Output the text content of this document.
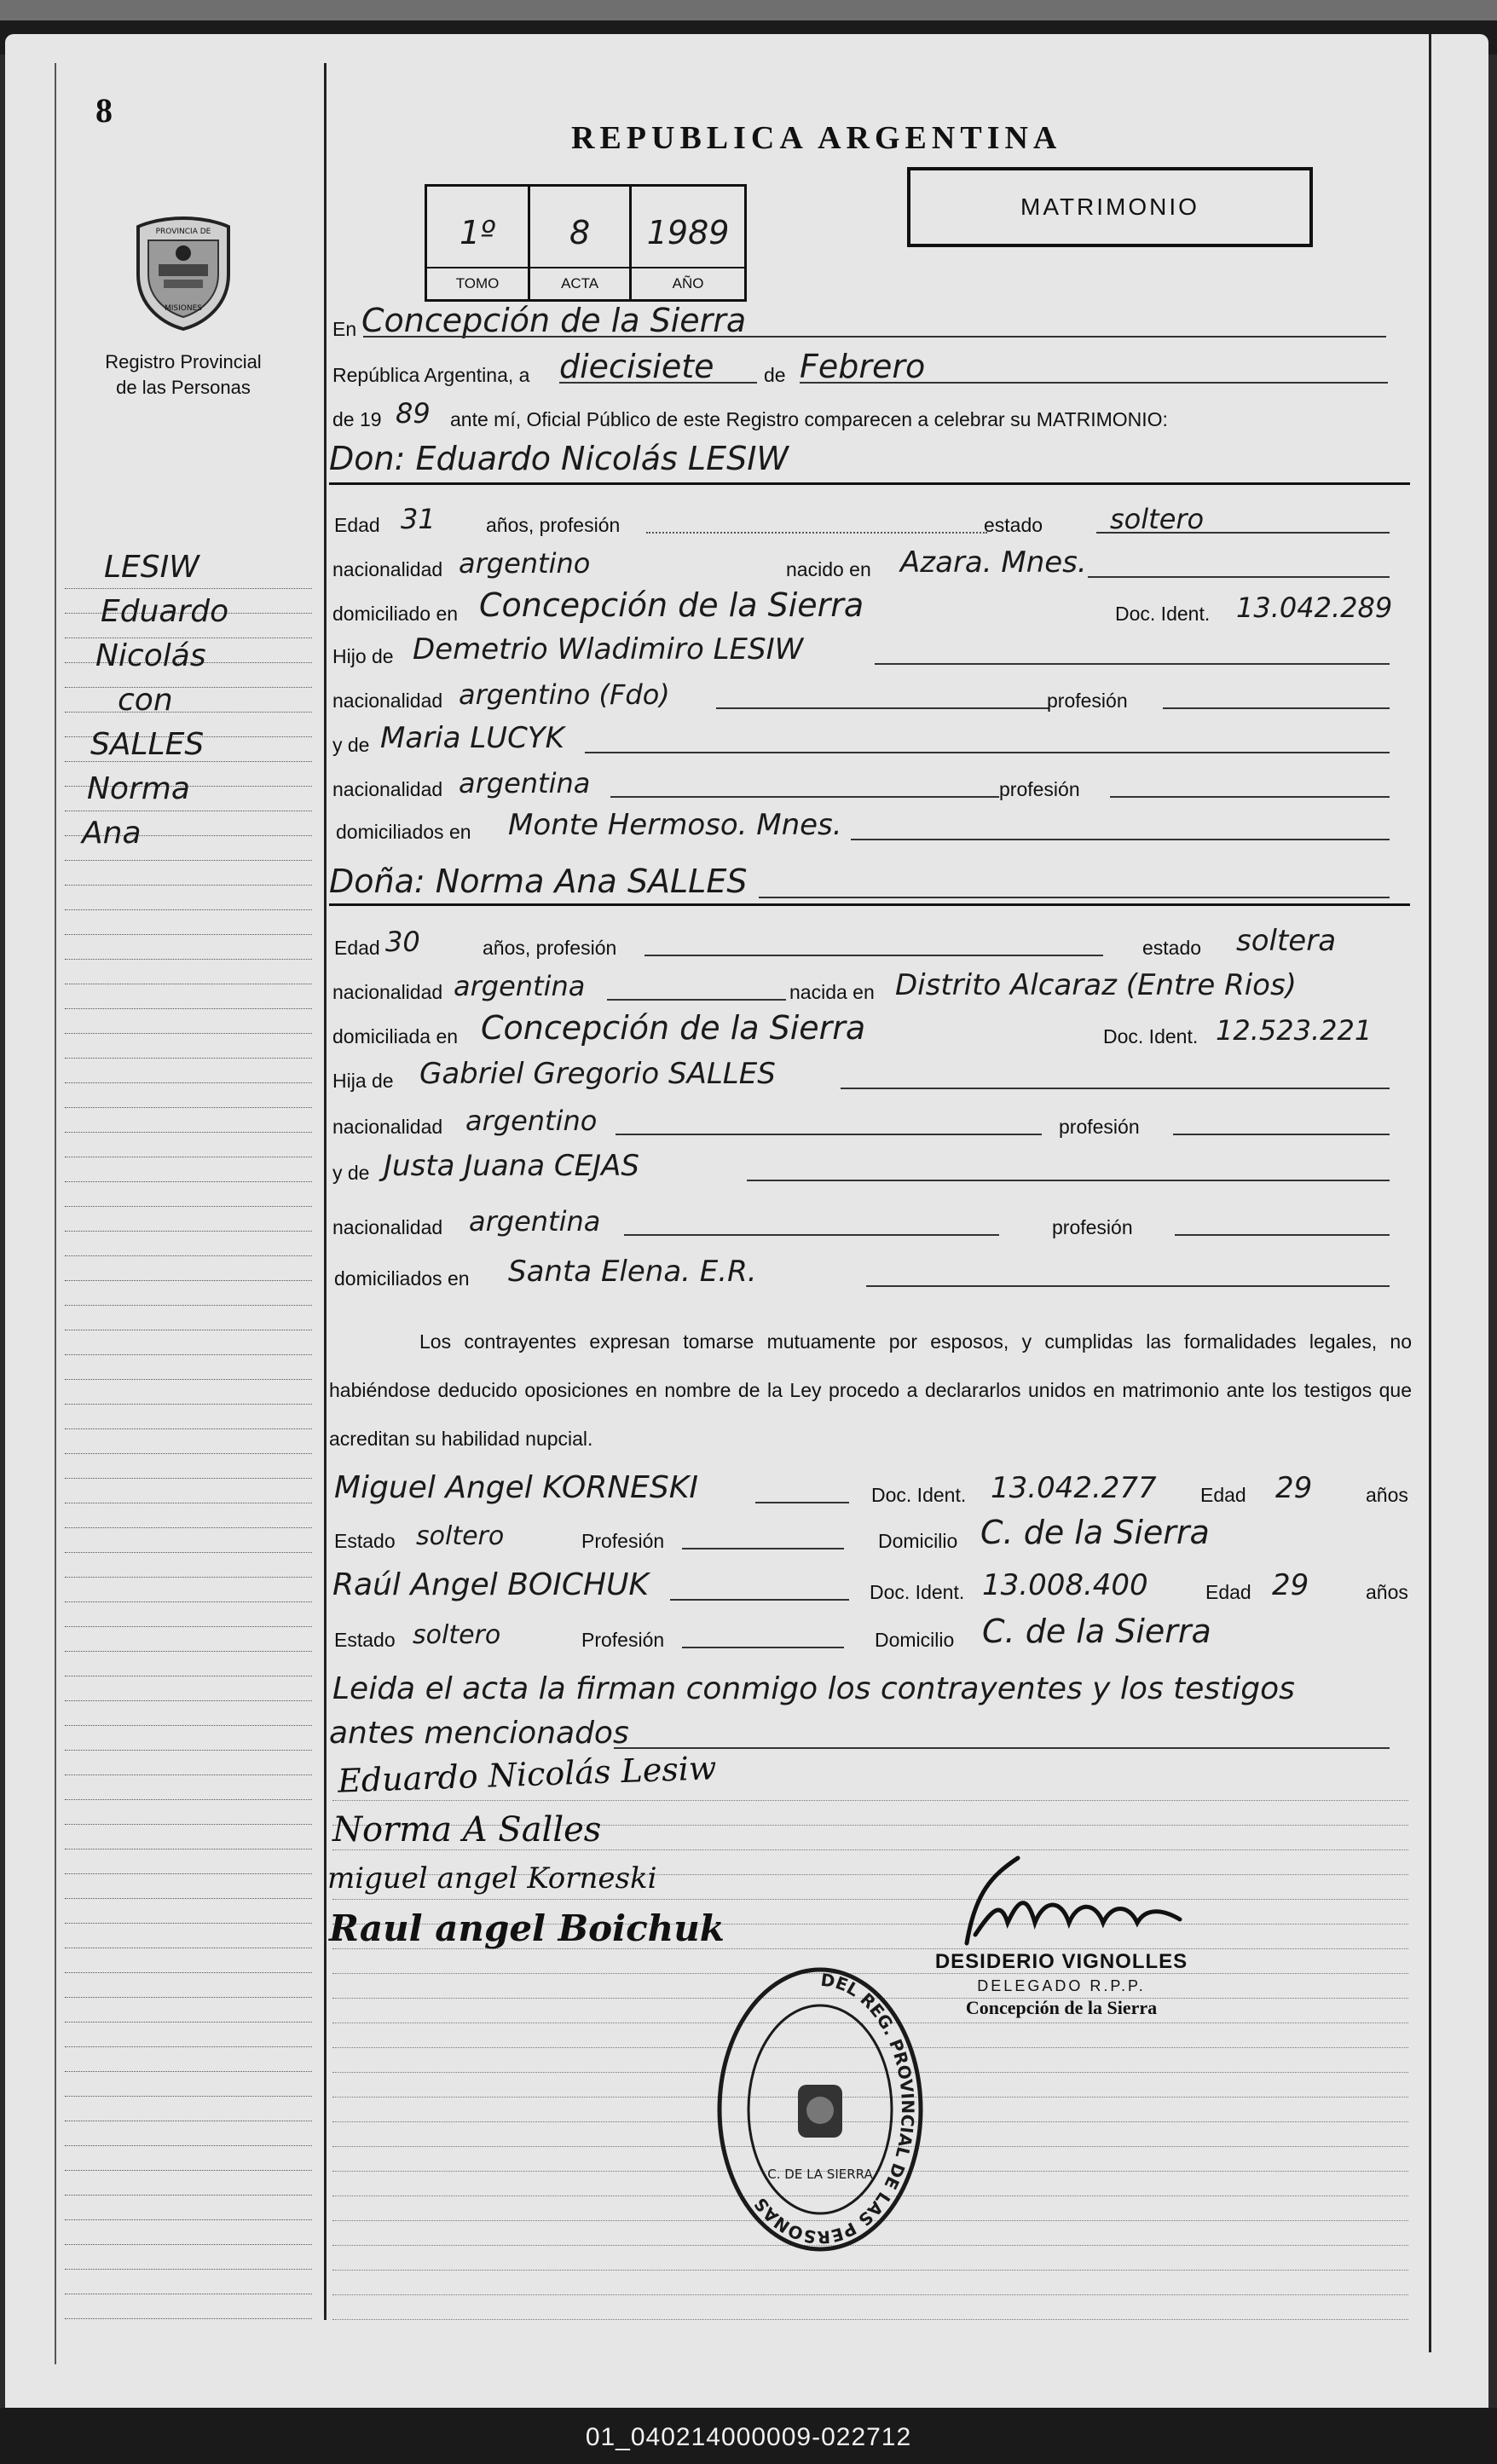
8
PROVINCIA DE
MISIONES
Registro Provincial
de las Personas
LESIW
Eduardo
Nicolás
con
SALLES
Norma
Ana
REPUBLICA ARGENTINA
MATRIMONIO
1º
TOMO
8
ACTA
1989
AÑO
En Concepción de la Sierra
República Argentina, a diecisiete	de Febrero
de 19 89 ante mí, Oficial Público de este Registro comparecen a celebrar su MATRIMONIO:
Don: Eduardo Nicolás LESIW
Edad 31	años, profesión	estado soltero
nacionalidad argentino	nacido en Azara. Mnes.
domiciliado en Concepción de la Sierra	Doc. Ident. 13.042.289
Hijo de Demetrio Wladimiro LESIW
nacionalidad argentino (Fdo)	profesión
y de Maria LUCYK
nacionalidad argentina	profesión
domiciliados en Monte Hermoso. Mnes.
Doña: Norma Ana SALLES
Edad 30	años, profesión	estado soltera
nacionalidad argentina	nacida en Distrito Alcaraz (Entre Rios)
domiciliada en Concepción de la Sierra	Doc. Ident. 12.523.221
Hija de Gabriel Gregorio SALLES
nacionalidad argentino	profesión
y de Justa Juana CEJAS
nacionalidad argentina	profesión
domiciliados en Santa Elena. E.R.
Los contrayentes expresan tomarse mutuamente por esposos, y cumplidas las formalidades legales, no habiéndose deducido oposiciones en nombre de la Ley procedo a declararlos unidos en matrimonio ante los testigos que acreditan su habilidad nupcial.
Miguel Angel KORNESKI	Doc. Ident. 13.042.277 Edad 29	años
Estado soltero	Profesión	Domicilio C. de la Sierra
Raúl Angel BOICHUK	Doc. Ident. 13.008.400	Edad 29	años
Estado soltero	Profesión	Domicilio C. de la Sierra
Leida el acta la firman conmigo los contrayentes y los testigos
antes mencionados
Eduardo Nicolás Lesiw
Norma A Salles
miguel angel Korneski
Raul angel Boichuk
DESIDERIO VIGNOLLES
DELEGADO R.P.P.
Concepción de la Sierra
DEL REG. PROVINCIAL DE LAS PERSONAS
C. DE LA SIERRA
01_040214000009-022712
